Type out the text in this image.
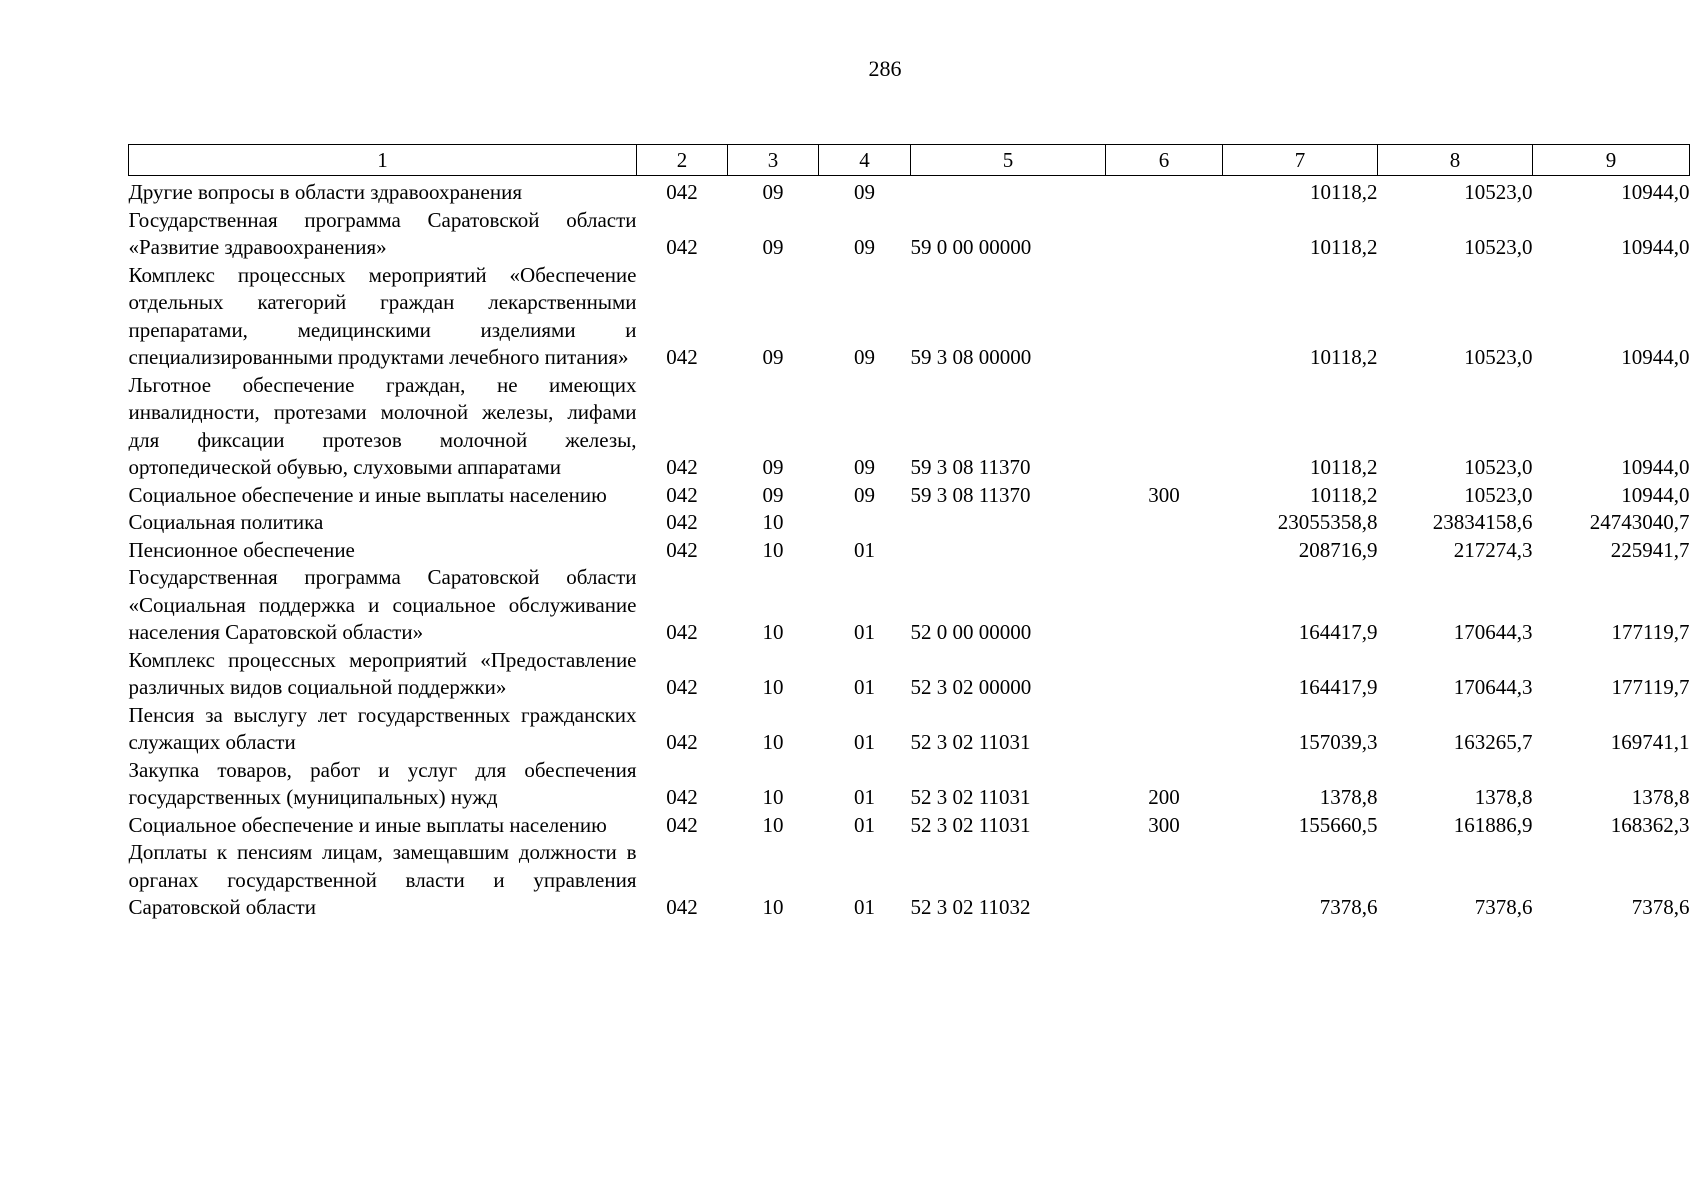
286
1	2	3	4	5	6	7	8	9
Другие вопросы в области здравоохранения	042	09	09			10118,2	10523,0	10944,0
Государственная программа Саратовской области «Развитие здравоохранения»	042	09	09	59 0 00 00000		10118,2	10523,0	10944,0
Комплекс процессных мероприятий «Обеспечение отдельных категорий граждан лекарственными препаратами, медицинскими изделиями и специализированными продуктами лечебного питания»	042	09	09	59 3 08 00000		10118,2	10523,0	10944,0
Льготное обеспечение граждан, не имеющих инвалидности, протезами молочной железы, лифами для фиксации протезов молочной железы, ортопедической обувью, слуховыми аппаратами	042	09	09	59 3 08 11370		10118,2	10523,0	10944,0
Социальное обеспечение и иные выплаты населению	042	09	09	59 3 08 11370	300	10118,2	10523,0	10944,0
Социальная политика	042	10				23055358,8	23834158,6	24743040,7
Пенсионное обеспечение	042	10	01			208716,9	217274,3	225941,7
Государственная программа Саратовской области «Социальная поддержка и социальное обслуживание населения Саратовской области»	042	10	01	52 0 00 00000		164417,9	170644,3	177119,7
Комплекс процессных мероприятий «Предоставление различных видов социальной поддержки»	042	10	01	52 3 02 00000		164417,9	170644,3	177119,7
Пенсия за выслугу лет государственных гражданских служащих области	042	10	01	52 3 02 11031		157039,3	163265,7	169741,1
Закупка товаров, работ и услуг для обеспечения государственных (муниципальных) нужд	042	10	01	52 3 02 11031	200	1378,8	1378,8	1378,8
Социальное обеспечение и иные выплаты населению	042	10	01	52 3 02 11031	300	155660,5	161886,9	168362,3
Доплаты к пенсиям лицам, замещавшим должности в органах государственной власти и управления Саратовской области	042	10	01	52 3 02 11032		7378,6	7378,6	7378,6
